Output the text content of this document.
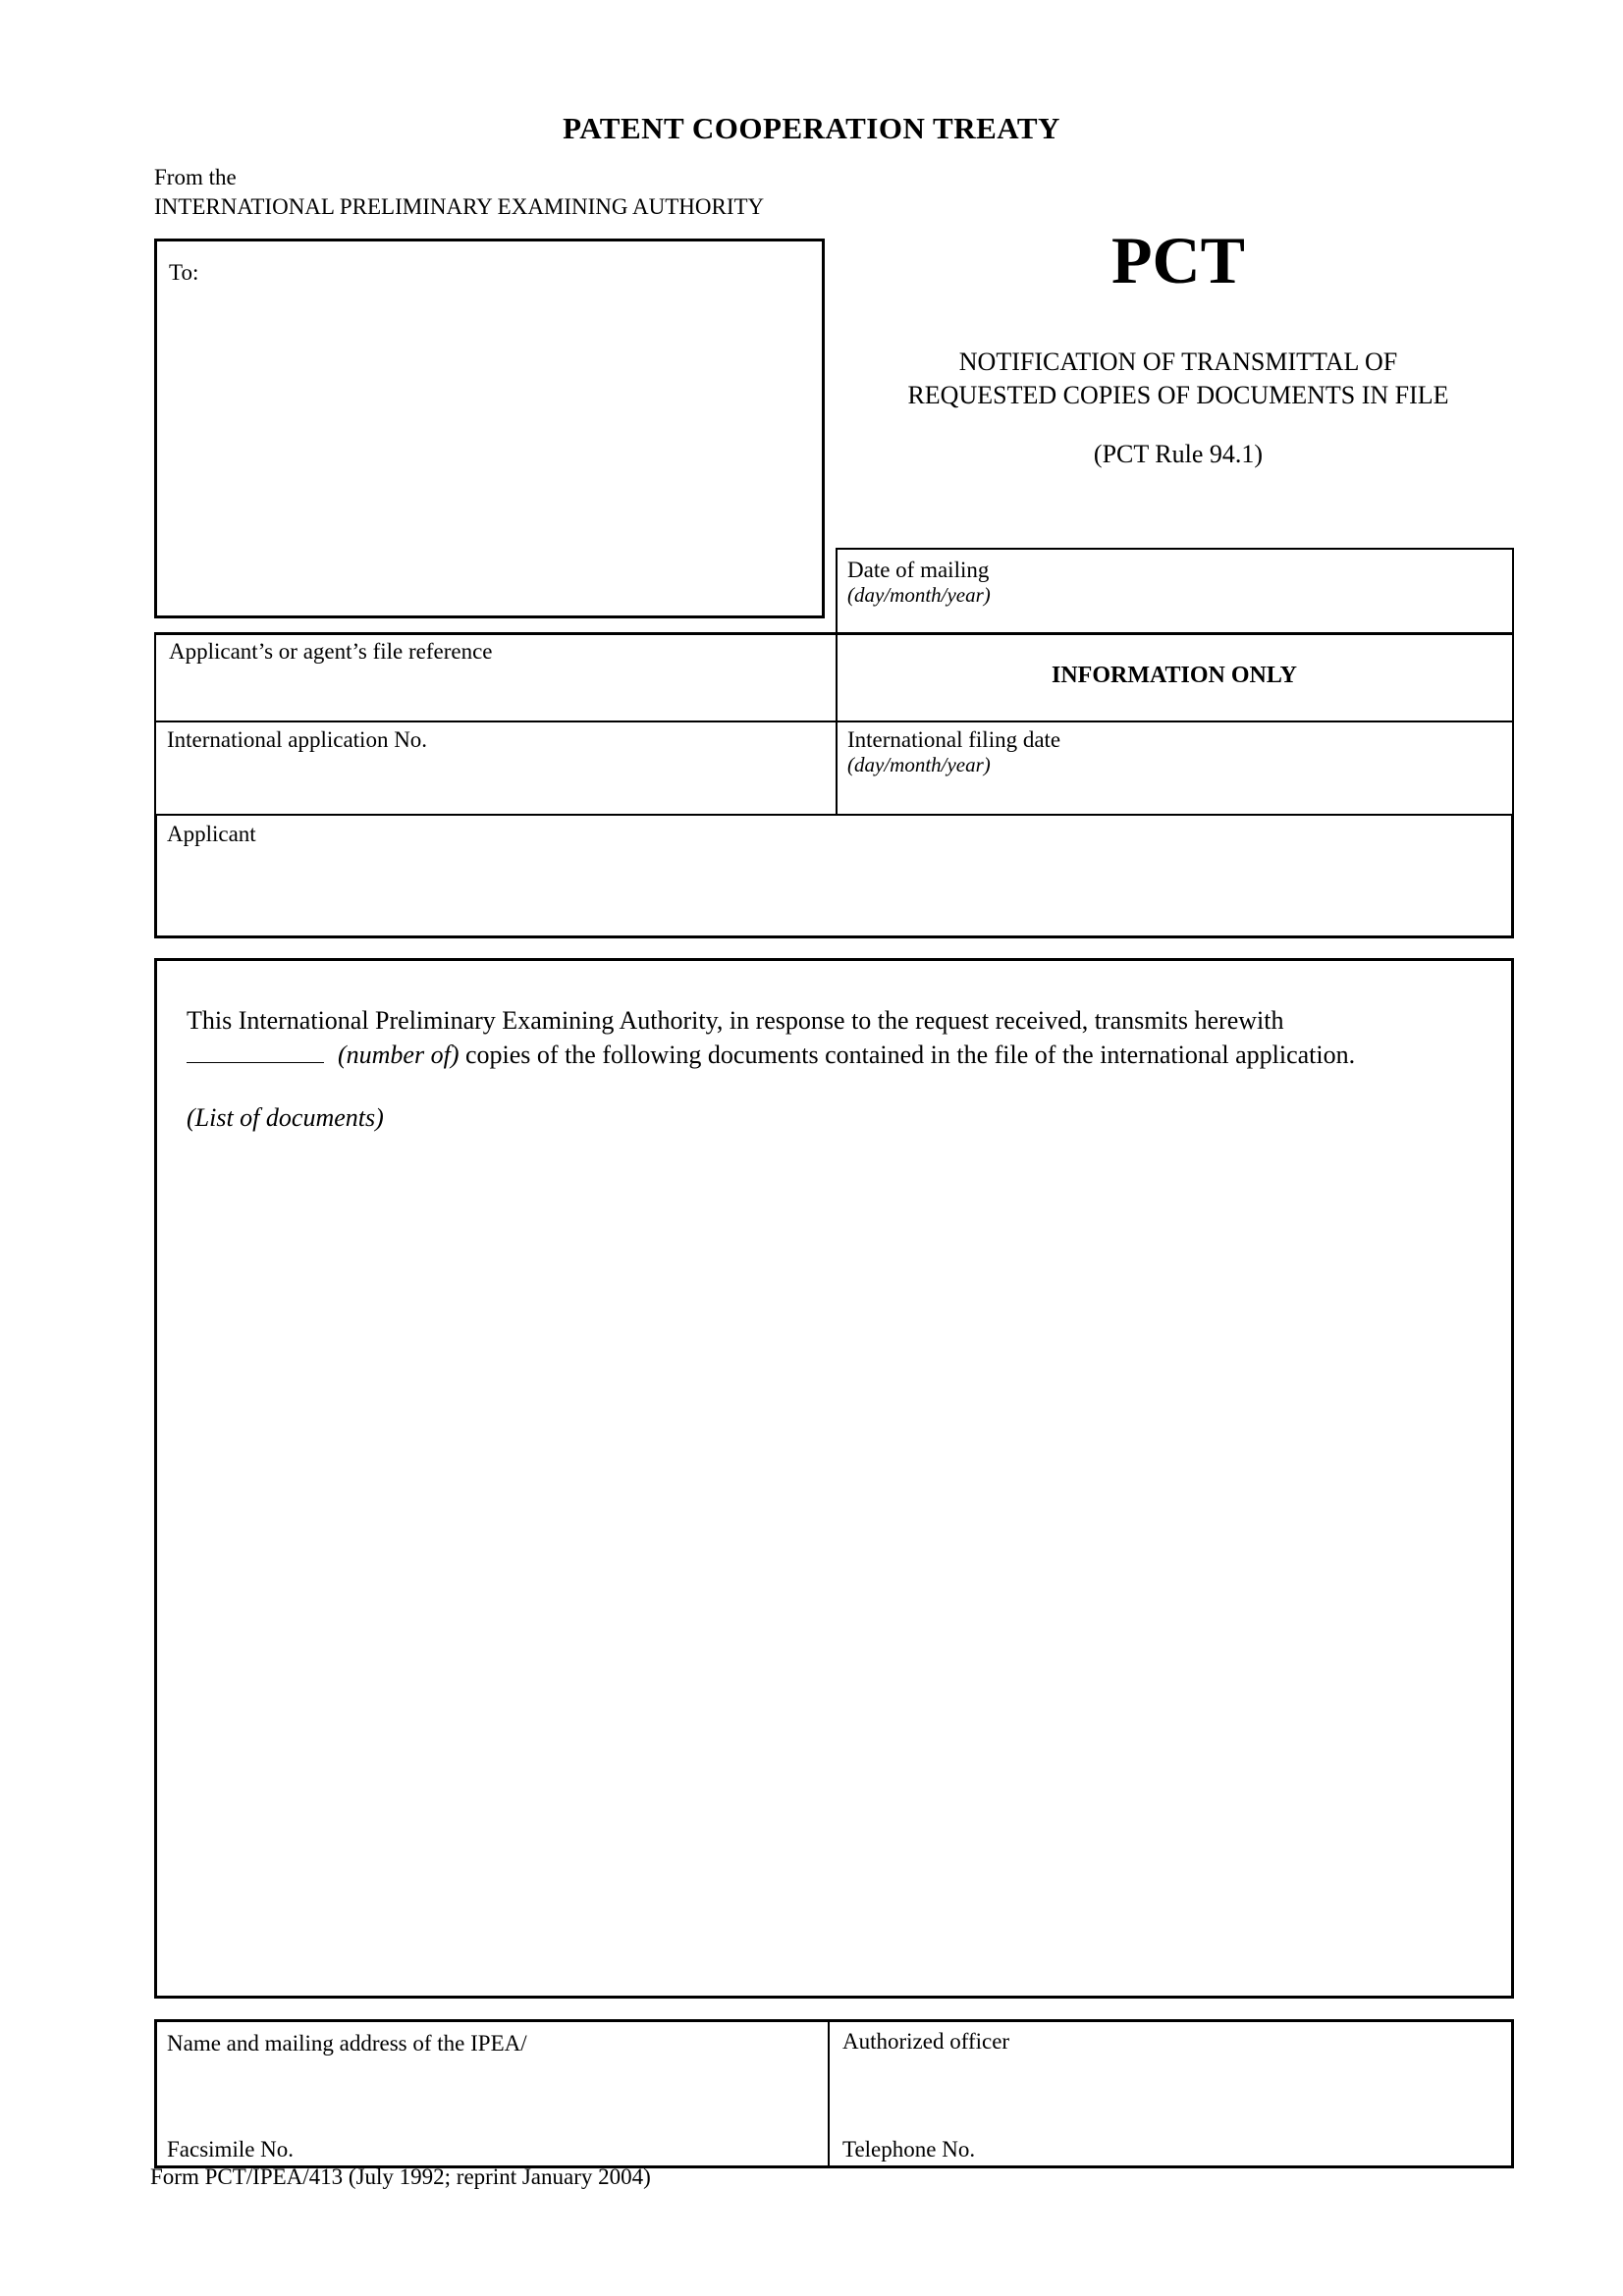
PATENT COOPERATION TREATY
From the
INTERNATIONAL PRELIMINARY EXAMINING AUTHORITY
To:	PCT
NOTIFICATION OF TRANSMITTAL OF
REQUESTED COPIES OF DOCUMENTS IN FILE
(PCT Rule 94.1)
Date of mailing
(day/month/year)
Applicant’s or agent’s file reference
INFORMATION ONLY
International application No.	International filing date
(day/month/year)
Applicant
This International Preliminary Examining Authority, in response to the request received, transmits herewith
(number of) copies of the following documents contained in the file of the international application.
(List of documents)
Name and mailing address of the IPEA/
Facsimile No.
Authorized officer
Telephone No.
Form PCT/IPEA/413 (July 1992; reprint January 2004)
